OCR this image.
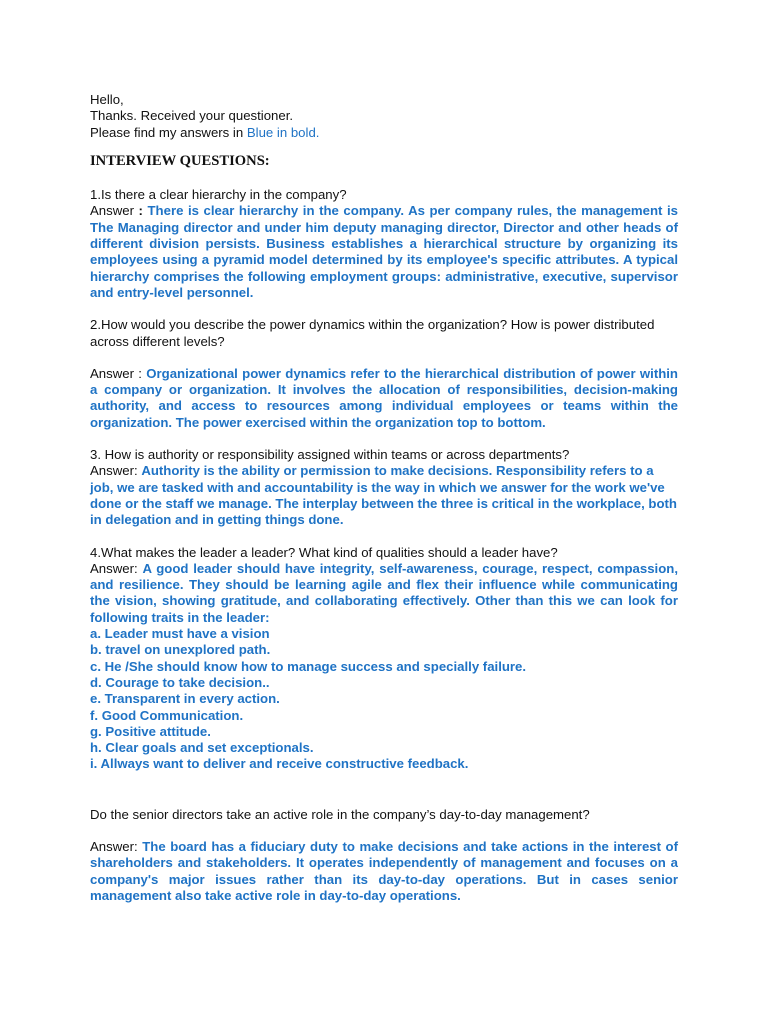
Hello,

Thanks. Received your questioner.

Please find my answers in Blue in bold.

INTERVIEW QUESTIONS:

1.Is there a clear hierarchy in the company?

Answer : There is clear hierarchy in the company. As per company rules, the management is The Managing director and under him deputy managing director, Director and other heads of different division persists. Business establishes a hierarchical structure by organizing its employees using a pyramid model determined by its employee's specific attributes. A typical hierarchy comprises the following employment groups: administrative, executive, supervisor and entry-level personnel.

2.How would you describe the power dynamics within the organization? How is power distributed across different levels?

Answer : Organizational power dynamics refer to the hierarchical distribution of power within a company or organization. It involves the allocation of responsibilities, decision-making authority, and access to resources among individual employees or teams within the organization. The power exercised within the organization top to bottom.

3. How is authority or responsibility assigned within teams or across departments?

Answer: Authority is the ability or permission to make decisions. Responsibility refers to a job, we are tasked with and accountability is the way in which we answer for the work we've done or the staff we manage. The interplay between the three is critical in the workplace, both in delegation and in getting things done.

4.What makes the leader a leader? What kind of qualities should a leader have?

Answer: A good leader should have integrity, self-awareness, courage, respect, compassion, and resilience. They should be learning agile and flex their influence while communicating the vision, showing gratitude, and collaborating effectively. Other than this we can look for following traits in the leader:

a. Leader must have a vision
b. travel on unexplored path.
c. He /She should know how to manage success and specially failure.
d. Courage to take decision..
e. Transparent in every action.
f. Good Communication.
g. Positive attitude.
h. Clear goals and set exceptionals.
i. Allways want to deliver and receive constructive feedback.

Do the senior directors take an active role in the company’s day-to-day management?

Answer: The board has a fiduciary duty to make decisions and take actions in the interest of shareholders and stakeholders. It operates independently of management and focuses on a company's major issues rather than its day-to-day operations. But in cases senior management also take active role in day-to-day operations.
